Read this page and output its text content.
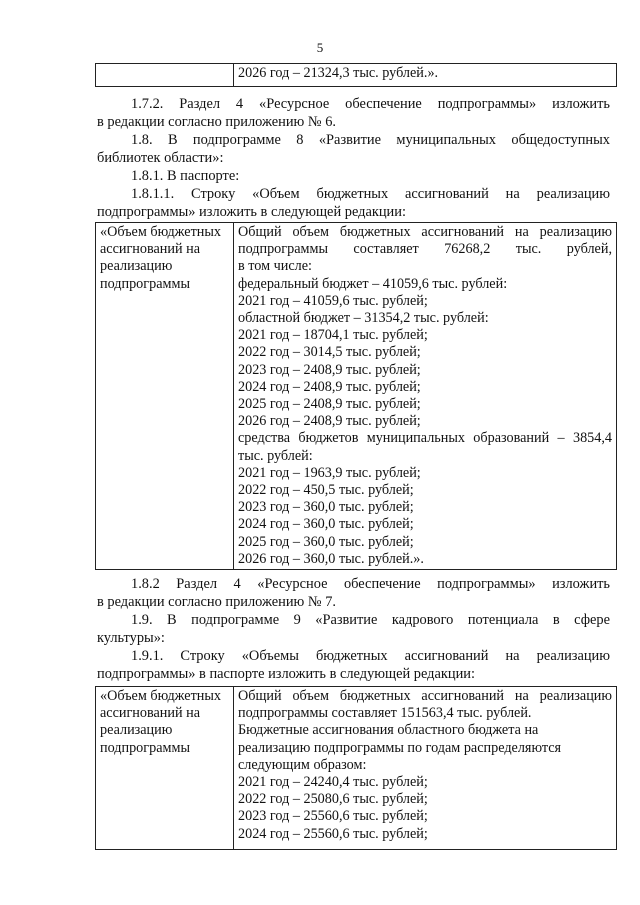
5
	2026 год – 21324,3 тыс. рублей.».
1.7.2. Раздел 4 «Ресурсное обеспечение подпрограммы» изложить
в редакции согласно приложению № 6.
1.8. В подпрограмме 8 «Развитие муниципальных общедоступных
библиотек области»:
1.8.1. В паспорте:
1.8.1.1. Строку «Объем бюджетных ассигнований на реализацию
подпрограммы» изложить в следующей редакции:
«Объем бюджетных
ассигнований на
реализацию
подпрограммы

Общий объем бюджетных ассигнований на реализацию
подпрограммы составляет 76268,2 тыс. рублей,
в том числе:
федеральный бюджет – 41059,6 тыс. рублей:
2021 год – 41059,6 тыс. рублей;
областной бюджет – 31354,2 тыс. рублей:
2021 год – 18704,1 тыс. рублей;
2022 год – 3014,5 тыс. рублей;
2023 год – 2408,9 тыс. рублей;
2024 год – 2408,9 тыс. рублей;
2025 год – 2408,9 тыс. рублей;
2026 год – 2408,9 тыс. рублей;
средства бюджетов муниципальных образований – 3854,4
тыс. рублей:
2021 год – 1963,9 тыс. рублей;
2022 год – 450,5 тыс. рублей;
2023 год – 360,0 тыс. рублей;
2024 год – 360,0 тыс. рублей;
2025 год – 360,0 тыс. рублей;
2026 год – 360,0 тыс. рублей.».
1.8.2 Раздел 4 «Ресурсное обеспечение подпрограммы» изложить
в редакции согласно приложению № 7.
1.9. В подпрограмме 9 «Развитие кадрового потенциала в сфере
культуры»:
1.9.1. Строку «Объемы бюджетных ассигнований на реализацию
подпрограммы» в паспорте изложить в следующей редакции:
«Объем бюджетных
ассигнований на
реализацию
подпрограммы

Общий объем бюджетных ассигнований на реализацию
подпрограммы составляет 151563,4 тыс. рублей.
Бюджетные ассигнования областного бюджета на
реализацию подпрограммы по годам распределяются
следующим образом:
2021 год – 24240,4 тыс. рублей;
2022 год – 25080,6 тыс. рублей;
2023 год – 25560,6 тыс. рублей;
2024 год – 25560,6 тыс. рублей;
